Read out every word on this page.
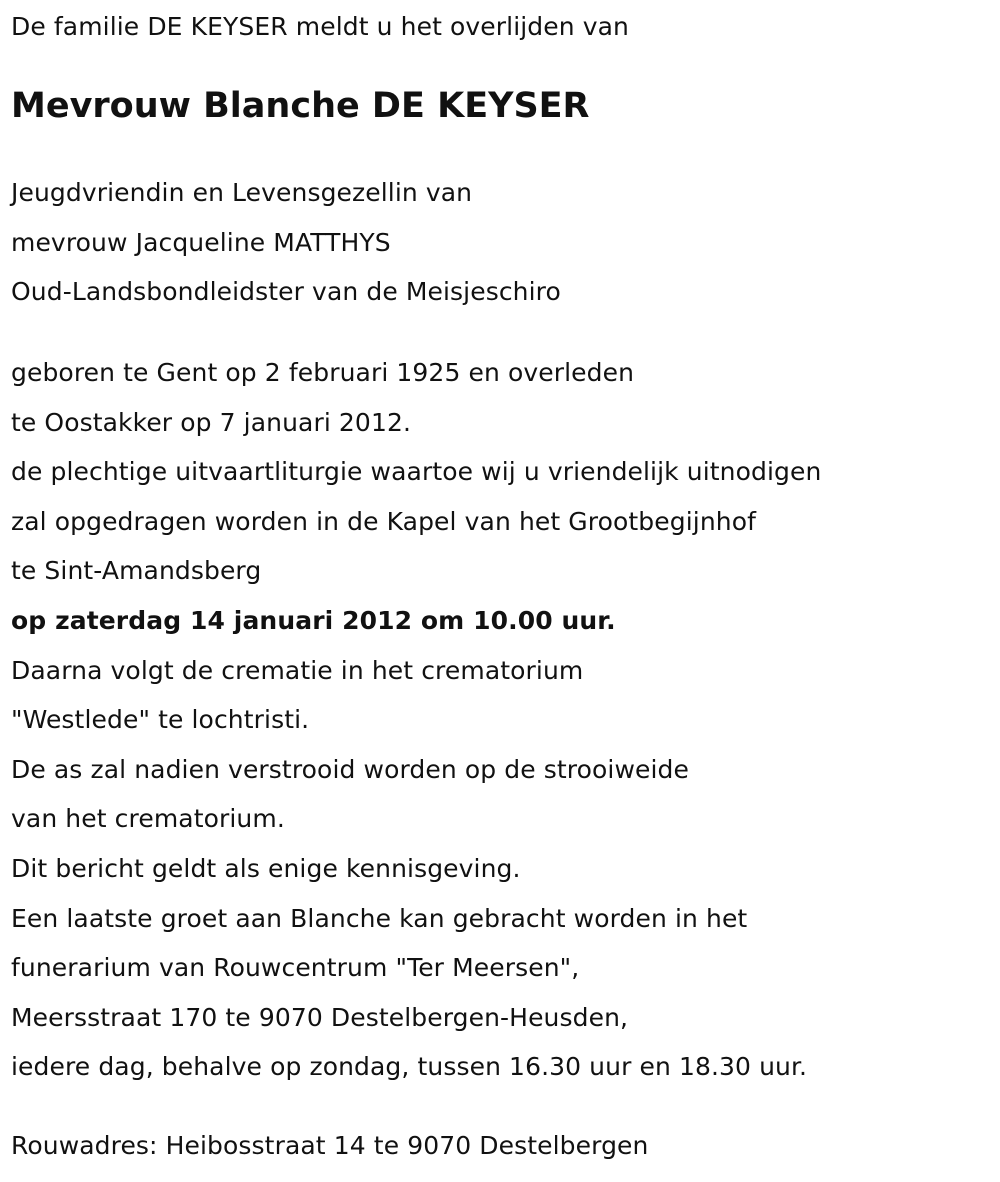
De familie DE KEYSER meldt u het overlijden van
Mevrouw Blanche DE KEYSER
Jeugdvriendin en Levensgezellin van
mevrouw Jacqueline MATTHYS
Oud-Landsbondleidster van de Meisjeschiro
geboren te Gent op 2 februari 1925 en overleden
te Oostakker op 7 januari 2012.
de plechtige uitvaartliturgie waartoe wij u vriendelijk uitnodigen
zal opgedragen worden in de Kapel van het Grootbegijnhof
te Sint-Amandsberg
op zaterdag 14 januari 2012 om 10.00 uur.
Daarna volgt de crematie in het crematorium
"Westlede" te lochtristi.
De as zal nadien verstrooid worden op de strooiweide
van het crematorium.
Dit bericht geldt als enige kennisgeving.
Een laatste groet aan Blanche kan gebracht worden in het
funerarium van Rouwcentrum "Ter Meersen",
Meersstraat 170 te 9070 Destelbergen-Heusden,
iedere dag, behalve op zondag, tussen 16.30 uur en 18.30 uur.
Rouwadres: Heibosstraat 14 te 9070 Destelbergen
